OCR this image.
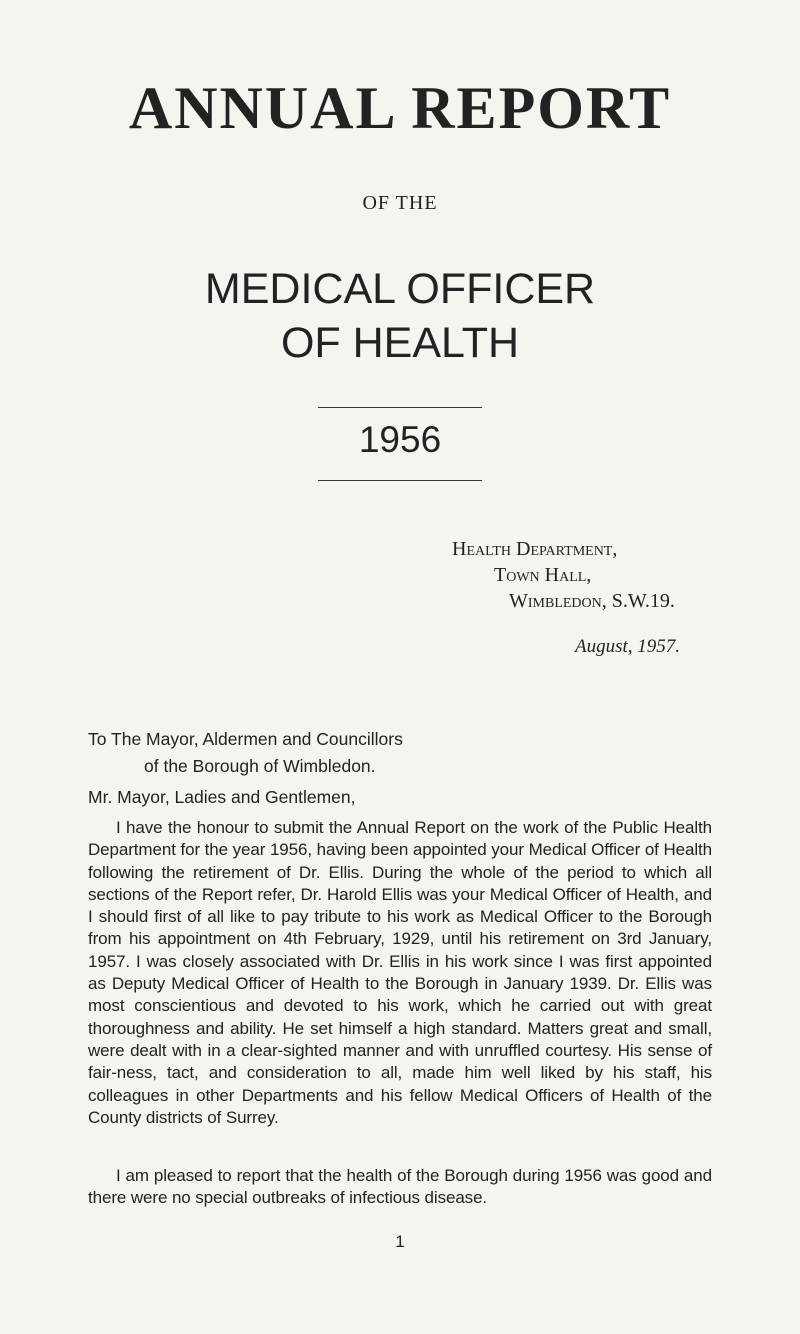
ANNUAL REPORT
OF THE
MEDICAL OFFICER
OF HEALTH
1956
Health Department,
Town Hall,
Wimbledon, S.W.19.
August, 1957.
To The Mayor, Aldermen and Councillors
of the Borough of Wimbledon.
Mr. Mayor, Ladies and Gentlemen,

I have the honour to submit the Annual Report on the work of the Public Health Department for the year 1956, having been appointed your Medical Officer of Health following the retirement of Dr. Ellis. During the whole of the period to which all sections of the Report refer, Dr. Harold Ellis was your Medical Officer of Health, and I should first of all like to pay tribute to his work as Medical Officer to the Borough from his appointment on 4th February, 1929, until his retirement on 3rd January, 1957. I was closely associated with Dr. Ellis in his work since I was first appointed as Deputy Medical Officer of Health to the Borough in January 1939. Dr. Ellis was most conscientious and devoted to his work, which he carried out with great thoroughness and ability. He set himself a high standard. Matters great and small, were dealt with in a clear-sighted manner and with unruffled courtesy. His sense of fair-ness, tact, and consideration to all, made him well liked by his staff, his colleagues in other Departments and his fellow Medical Officers of Health of the County districts of Surrey.

I am pleased to report that the health of the Borough during 1956 was good and there were no special outbreaks of infectious disease.

1
